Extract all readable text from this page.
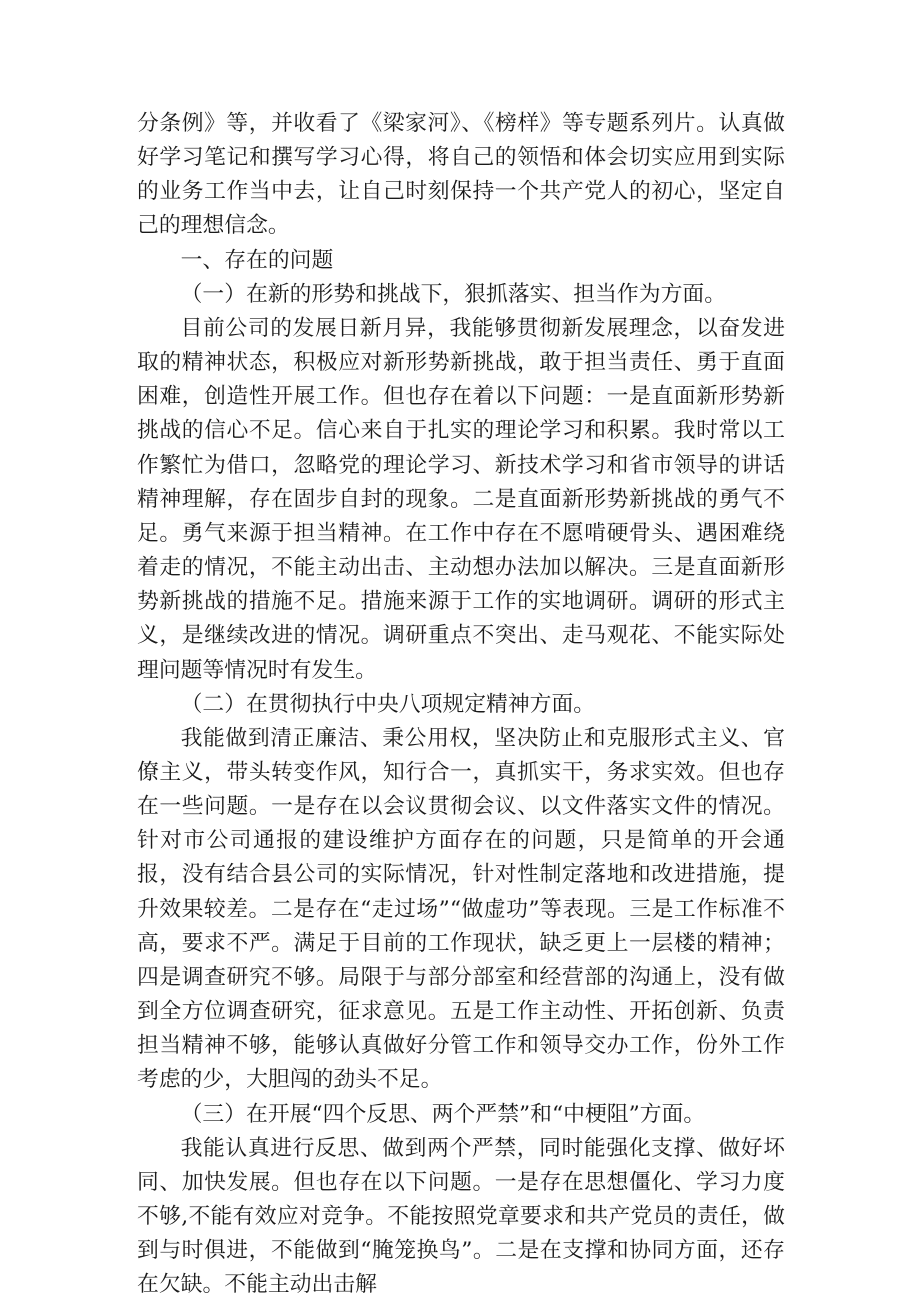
分条例》等，并收看了《梁家河》、《榜样》等专题系列片。认真做好学习笔记和撰写学习心得，将自己的领悟和体会切实应用到实际的业务工作当中去，让自己时刻保持一个共产党人的初心，坚定自己的理想信念。

一、存在的问题

（一）在新的形势和挑战下，狠抓落实、担当作为方面。

目前公司的发展日新月异，我能够贯彻新发展理念，以奋发进取的精神状态，积极应对新形势新挑战，敢于担当责任、勇于直面困难，创造性开展工作。但也存在着以下问题：一是直面新形势新挑战的信心不足。信心来自于扎实的理论学习和积累。我时常以工作繁忙为借口，忽略党的理论学习、新技术学习和省市领导的讲话精神理解，存在固步自封的现象。二是直面新形势新挑战的勇气不足。勇气来源于担当精神。在工作中存在不愿啃硬骨头、遇困难绕着走的情况，不能主动出击、主动想办法加以解决。三是直面新形势新挑战的措施不足。措施来源于工作的实地调研。调研的形式主义，是继续改进的情况。调研重点不突出、走马观花、不能实际处理问题等情况时有发生。

（二）在贯彻执行中央八项规定精神方面。

我能做到清正廉洁、秉公用权，坚决防止和克服形式主义、官僚主义，带头转变作风，知行合一，真抓实干，务求实效。但也存在一些问题。一是存在以会议贯彻会议、以文件落实文件的情况。针对市公司通报的建设维护方面存在的问题，只是简单的开会通报，没有结合县公司的实际情况，针对性制定落地和改进措施，提升效果较差。二是存在“走过场”“做虚功”等表现。三是工作标准不高，要求不严。满足于目前的工作现状，缺乏更上一层楼的精神；四是调查研究不够。局限于与部分部室和经营部的沟通上，没有做到全方位调查研究，征求意见。五是工作主动性、开拓创新、负责担当精神不够，能够认真做好分管工作和领导交办工作，份外工作考虑的少，大胆闯的劲头不足。

（三）在开展“四个反思、两个严禁”和“中梗阻”方面。

我能认真进行反思、做到两个严禁，同时能强化支撑、做好坏同、加快发展。但也存在以下问题。一是存在思想僵化、学习力度不够,不能有效应对竞争。不能按照党章要求和共产党员的责任，做到与时俱进，不能做到“腌笼换鸟”。二是在支撑和协同方面，还存在欠缺。不能主动出击解
